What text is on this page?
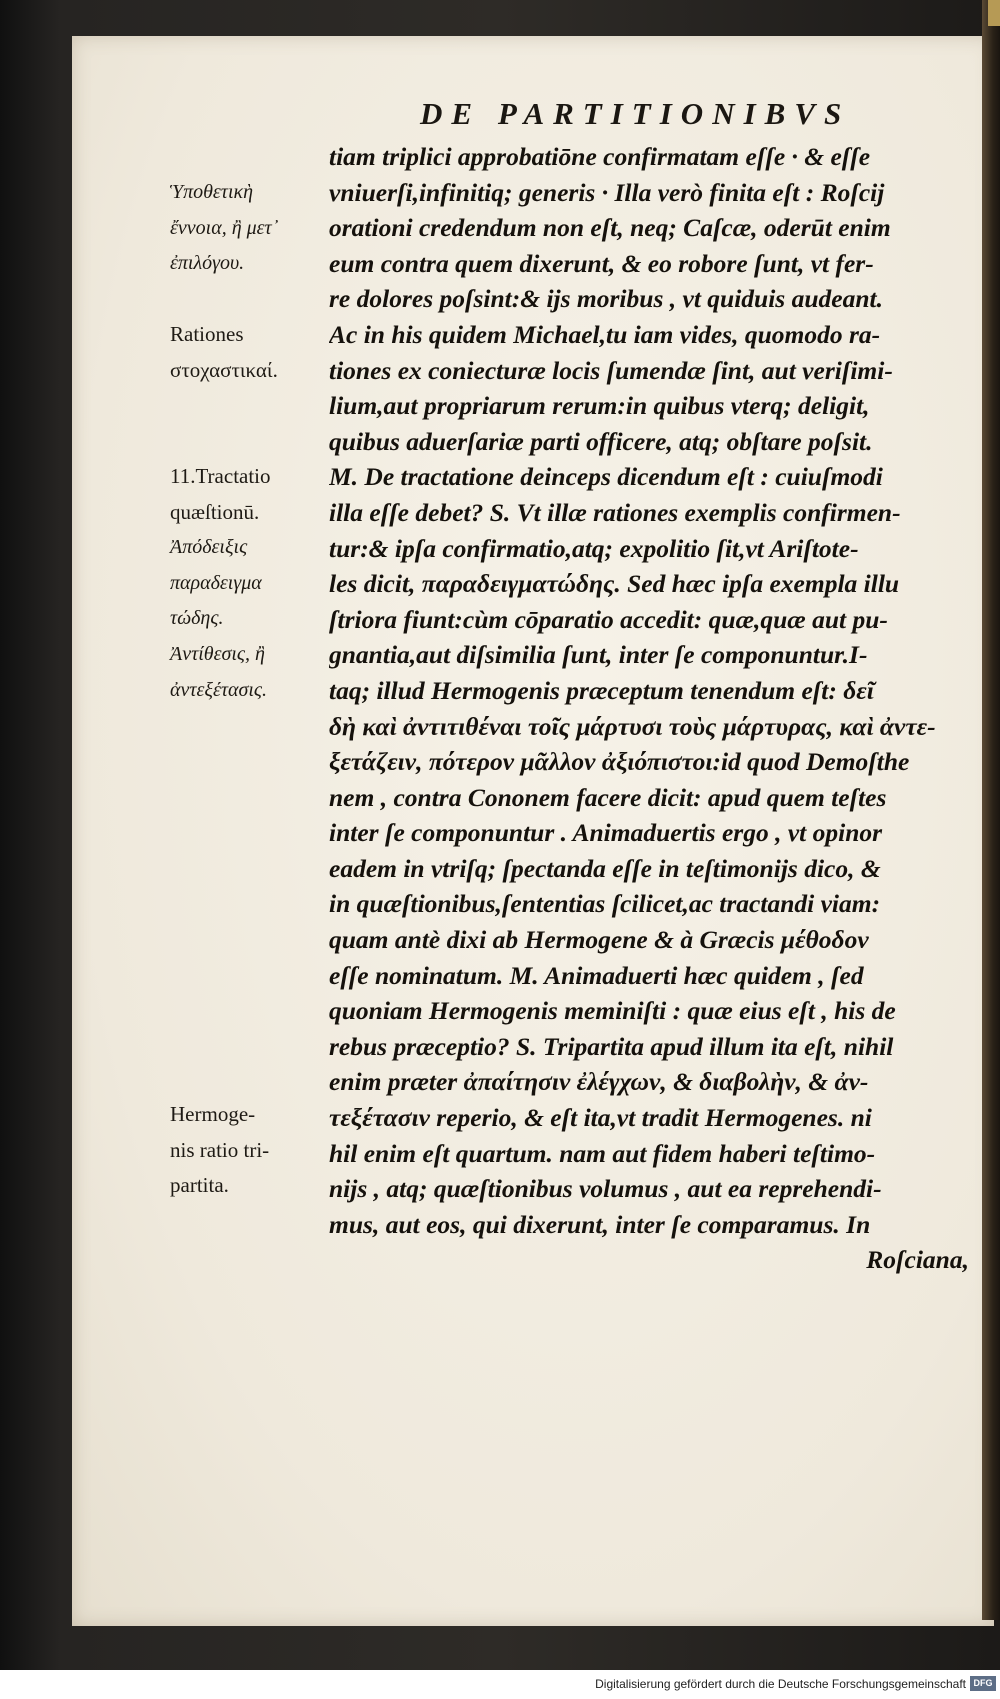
DE PARTITIONIBVS
tiam triplici approbatiōne confirmatam eſſe · & eſſe
vniuerſi,infinitiq; generis · Illa verò finita eſt : Roſcij
orationi credendum non eſt, neq; Caſcæ, oderūt enim
eum contra quem dixerunt, & eo robore ſunt, vt fer-
re dolores poſsint:& ijs moribus , vt quiduis audeant.
Ac in his quidem Michael,tu iam vides, quomodo ra-
tiones ex coniecturæ locis ſumendæ ſint, aut veriſimi-
lium,aut propriarum rerum:in quibus vterq; deligit,
quibus aduerſariæ parti officere, atq; obſtare poſsit.
M. De tractatione deinceps dicendum eſt : cuiuſmodi
illa eſſe debet? S. Vt illæ rationes exemplis confirmen-
tur:& ipſa confirmatio,atq; expolitio ſit,vt Ariſtote-
les dicit, παραδειγματώδης. Sed hæc ipſa exempla illu
ſtriora fiunt:cùm cōparatio accedit: quæ,quæ aut pu-
gnantia,aut diſsimilia ſunt, inter ſe componuntur.I-
taq; illud Hermogenis præceptum tenendum eſt: δεῖ
δὴ καὶ ἀντιτιθέναι τοῖς μάρτυσι τοὺς μάρτυρας, καὶ ἀντε-
ξετάζειν, πότερον μᾶλλον ἀξιόπιστοι:id quod Demoſthe
nem , contra Cononem facere dicit: apud quem teſtes
inter ſe componuntur . Animaduertis ergo , vt opinor
eadem in vtriſq; ſpectanda eſſe in teſtimonijs dico, &
in quæſtionibus,ſententias ſcilicet,ac tractandi viam:
quam antè dixi ab Hermogene & à Græcis μέθοδον
eſſe nominatum. M. Animaduerti hæc quidem , ſed
quoniam Hermogenis meminiſti : quæ eius eſt , his de
rebus præceptio? S. Tripartita apud illum ita eſt, nihil
enim præter ἀπαίτησιν ἐλέγχων, & διαβολὴν, & ἀν-
τεξέτασιν reperio, & eſt ita,vt tradit Hermogenes. ni
hil enim eſt quartum. nam aut fidem haberi teſtimo-
nijs , atq; quæſtionibus volumus , aut ea reprehendi-
mus, aut eos, qui dixerunt, inter ſe comparamus. In
Roſciana,
Ὑποθετικὴ
ἔννοια, ἢ μετ᾽
ἐπιλόγου.
Rationes
στοχαστικαί.
11.Tractatio
quæſtionū.
Ἀπόδειξις
παραδειγμα
τώδης.
Ἀντίθεσις, ἢ
ἀντεξέτασις.
Hermoge-
nis ratio tri-
partita.
Digitalisierung gefördert durch die Deutsche Forschungsgemeinschaft DFG
